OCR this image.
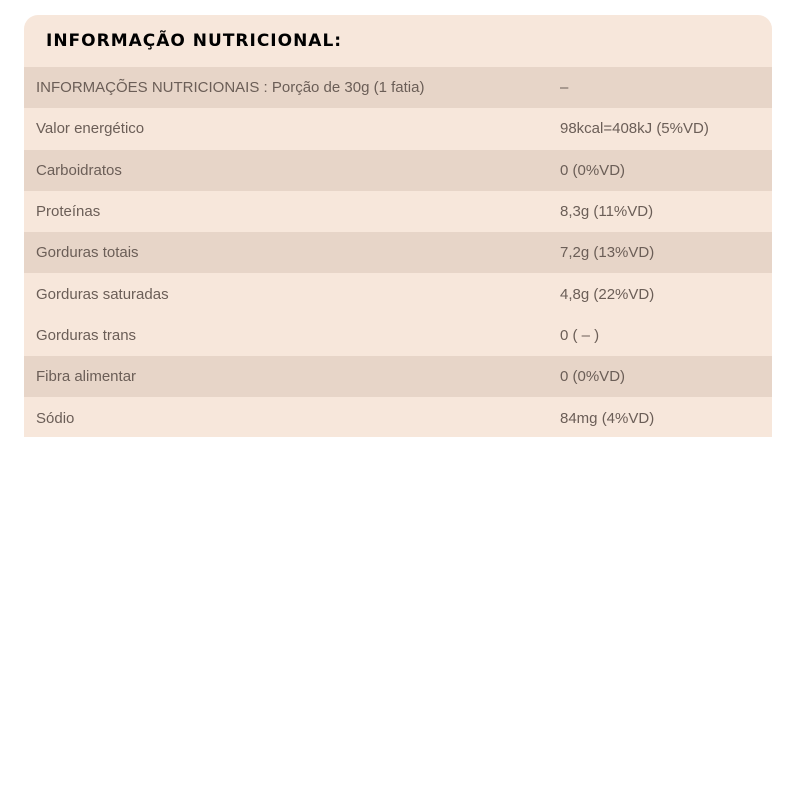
INFORMAÇÃO NUTRICIONAL:
INFORMAÇÕES NUTRICIONAIS : Porção de 30g (1 fatia)	–
Valor energético	98kcal=408kJ (5%VD)
Carboidratos	0 (0%VD)
Proteínas	8,3g (11%VD)
Gorduras totais	7,2g (13%VD)
Gorduras saturadas	4,8g (22%VD)
Gorduras trans	0 ( – )
Fibra alimentar	0 (0%VD)
Sódio	84mg (4%VD)
